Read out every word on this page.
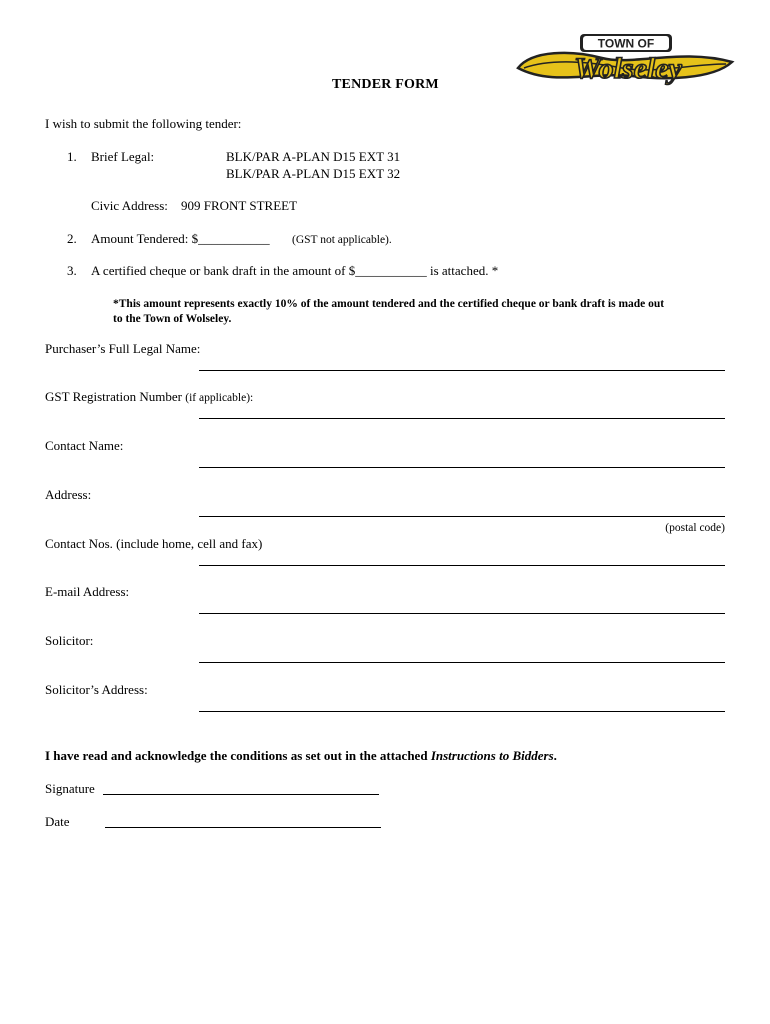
TOWN OF
Wolseley
TENDER FORM
I wish to submit the following tender:
1. Brief Legal:	BLK/PAR A-PLAN D15 EXT 31
BLK/PAR A-PLAN D15 EXT 32
Civic Address: 909 FRONT STREET
2. Amount Tendered: $___________ (GST not applicable).
3. A certified cheque or bank draft in the amount of $___________ is attached. *
*This amount represents exactly 10% of the amount tendered and the certified cheque or bank draft is made out
to the Town of Wolseley.
Purchaser’s Full Legal Name:
GST Registration Number (if applicable):
Contact Name:
Address:
(postal code)
Contact Nos. (include home, cell and fax)
E-mail Address:
Solicitor:
Solicitor’s Address:
I have read and acknowledge the conditions as set out in the attached Instructions to Bidders.
Signature
Date
